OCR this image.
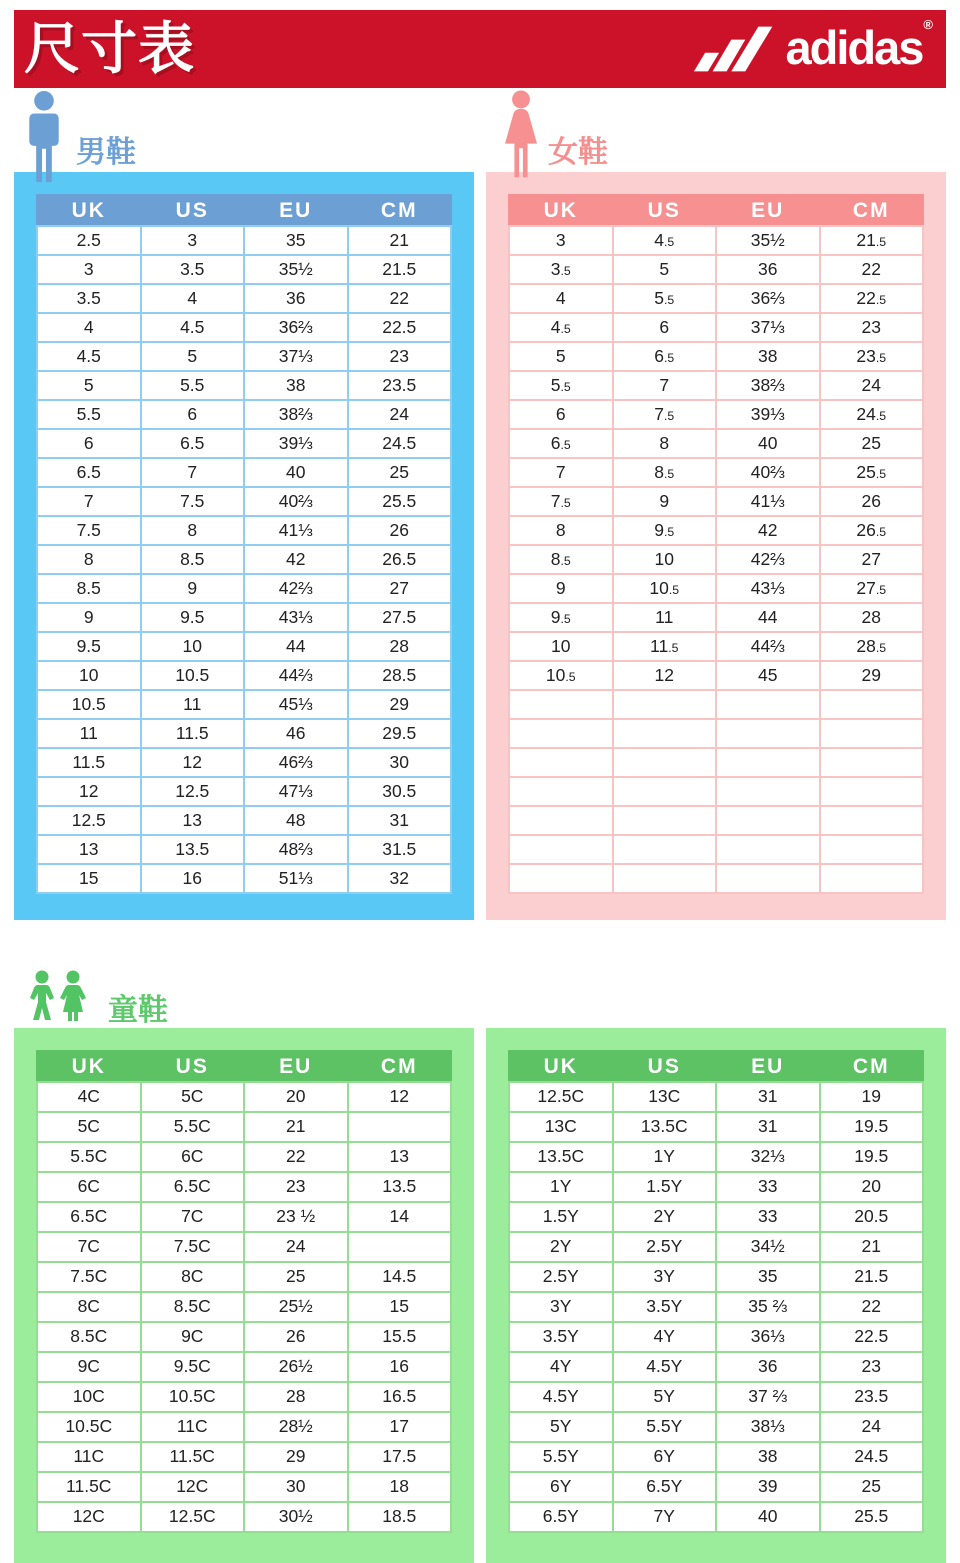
尺寸表	adidas®
男鞋
UK	US	EU	CM
2.5	3	35	21
3	3.5	35½	21.5
3.5	4	36	22
4	4.5	36⅔	22.5
4.5	5	37⅓	23
5	5.5	38	23.5
5.5	6	38⅔	24
6	6.5	39⅓	24.5
6.5	7	40	25
7	7.5	40⅔	25.5
7.5	8	41⅓	26
8	8.5	42	26.5
8.5	9	42⅔	27
9	9.5	43⅓	27.5
9.5	10	44	28
10	10.5	44⅔	28.5
10.5	11	45⅓	29
11	11.5	46	29.5
11.5	12	46⅔	30
12	12.5	47⅓	30.5
12.5	13	48	31
13	13.5	48⅔	31.5
15	16	51⅓	32
女鞋
UK	US	EU	CM
3	4.5	35½	21.5
3.5	5	36	22
4	5.5	36⅔	22.5
4.5	6	37⅓	23
5	6.5	38	23.5
5.5	7	38⅔	24
6	7.5	39⅓	24.5
6.5	8	40	25
7	8.5	40⅔	25.5
7.5	9	41⅓	26
8	9.5	42	26.5
8.5	10	42⅔	27
9	10.5	43⅓	27.5
9.5	11	44	28
10	11.5	44⅔	28.5
10.5	12	45	29

童鞋
UK	US	EU	CM
4C	5C	20	12
5C	5.5C	21	
5.5C	6C	22	13
6C	6.5C	23	13.5
6.5C	7C	23 ½	14
7C	7.5C	24	
7.5C	8C	25	14.5
8C	8.5C	25½	15
8.5C	9C	26	15.5
9C	9.5C	26½	16
10C	10.5C	28	16.5
10.5C	11C	28½	17
11C	11.5C	29	17.5
11.5C	12C	30	18
12C	12.5C	30½	18.5
UK	US	EU	CM
12.5C	13C	31	19
13C	13.5C	31	19.5
13.5C	1Y	32⅓	19.5
1Y	1.5Y	33	20
1.5Y	2Y	33	20.5
2Y	2.5Y	34½	21
2.5Y	3Y	35	21.5
3Y	3.5Y	35 ⅔	22
3.5Y	4Y	36⅓	22.5
4Y	4.5Y	36	23
4.5Y	5Y	37 ⅔	23.5
5Y	5.5Y	38⅓	24
5.5Y	6Y	38	24.5
6Y	6.5Y	39	25
6.5Y	7Y	40	25.5
